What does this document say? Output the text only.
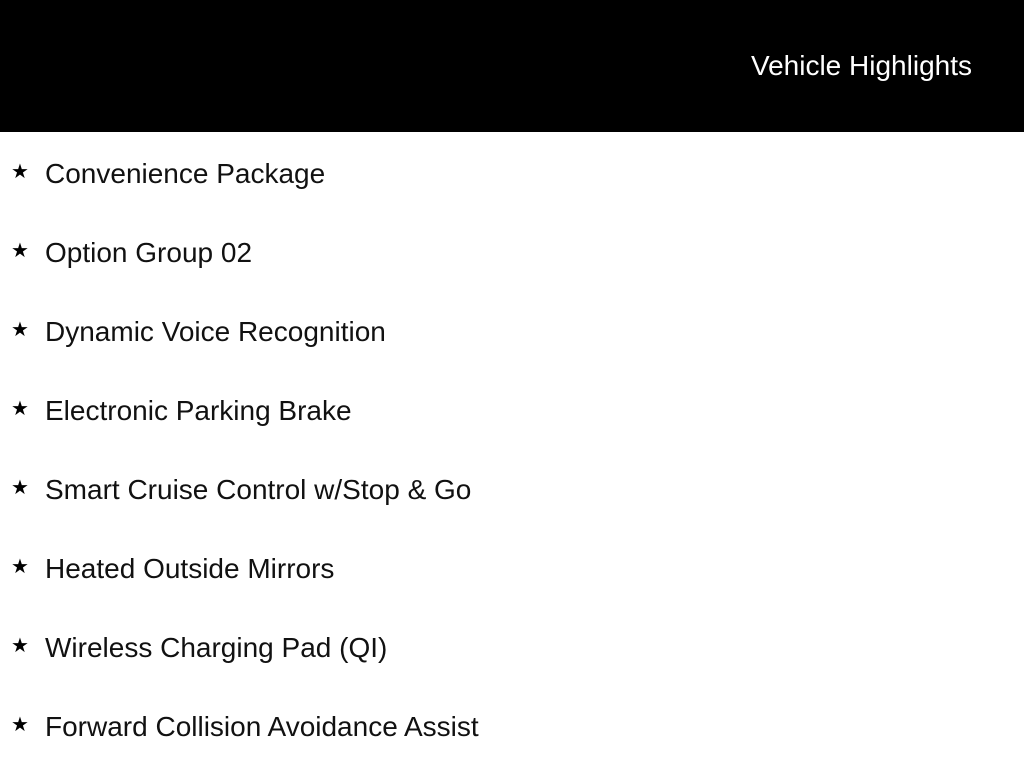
Vehicle Highlights
★ Convenience Package
★ Option Group 02
★ Dynamic Voice Recognition
★ Electronic Parking Brake
★ Smart Cruise Control w/Stop & Go
★ Heated Outside Mirrors
★ Wireless Charging Pad (QI)
★ Forward Collision Avoidance Assist
